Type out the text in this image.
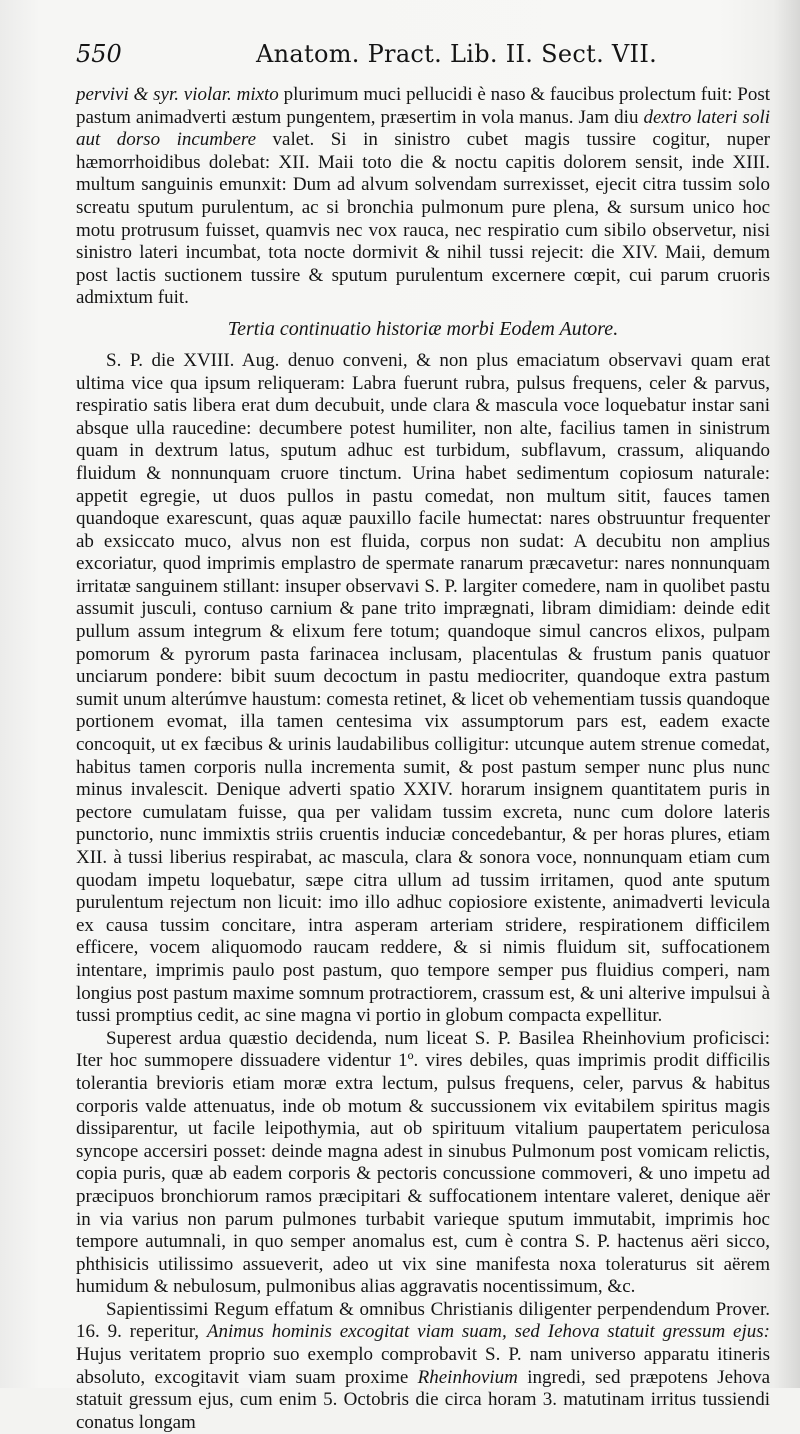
550	Anatom. Pract. Lib. II. Sect. VII.

pervivi & syr. violar. mixto plurimum muci pellucidi è naso & faucibus prolectum fuit: Post pastum animadverti æstum pungentem, præsertim in vola manus. Jam diu dextro lateri soli aut dorso incumbere valet. Si in sinistro cubet magis tussire cogitur, nuper hæmorrhoidibus dolebat: XII. Maii toto die & noctu capitis dolorem sensit, inde XIII. multum sanguinis emunxit: Dum ad alvum solvendam surrexisset, ejecit citra tussim solo screatu sputum purulentum, ac si bronchia pulmonum pure plena, & sursum unico hoc motu protrusum fuisset, quamvis nec vox rauca, nec respiratio cum sibilo observetur, nisi sinistro lateri incumbat, tota nocte dormivit & nihil tussi rejecit: die XIV. Maii, demum post lactis suctionem tussire & sputum purulentum excernere cœpit, cui parum cruoris admixtum fuit.

Tertia continuatio historiæ morbi Eodem Autore.

S. P. die XVIII. Aug. denuo conveni, & non plus emaciatum observavi quam erat ultima vice qua ipsum reliqueram: Labra fuerunt rubra, pulsus frequens, celer & parvus, respiratio satis libera erat dum decubuit, unde clara & mascula voce loquebatur instar sani absque ulla raucedine: decumbere potest humiliter, non alte, facilius tamen in sinistrum quam in dextrum latus, sputum adhuc est turbidum, subflavum, crassum, aliquando fluidum & nonnunquam cruore tinctum. Urina habet sedimentum copiosum naturale: appetit egregie, ut duos pullos in pastu comedat, non multum sitit, fauces tamen quandoque exarescunt, quas aquæ pauxillo facile humectat: nares obstruuntur frequenter ab exsiccato muco, alvus non est fluida, corpus non sudat: A decubitu non amplius excoriatur, quod imprimis emplastro de spermate ranarum præcavetur: nares nonnunquam irritatæ sanguinem stillant: insuper observavi S. P. largiter comedere, nam in quolibet pastu assumit jusculi, contuso carnium & pane trito imprægnati, libram dimidiam: deinde edit pullum assum integrum & elixum fere totum; quandoque simul cancros elixos, pulpam pomorum & pyrorum pasta farinacea inclusam, placentulas & frustum panis quatuor unciarum pondere: bibit suum decoctum in pastu mediocriter, quandoque extra pastum sumit unum alterúmve haustum: comesta retinet, & licet ob vehementiam tussis quandoque portionem evomat, illa tamen centesima vix assumptorum pars est, eadem exacte concoquit, ut ex fæcibus & urinis laudabilibus colligitur: utcunque autem strenue comedat, habitus tamen corporis nulla incrementa sumit, & post pastum semper nunc plus nunc minus invalescit. Denique adverti spatio XXIV. horarum insignem quantitatem puris in pectore cumulatam fuisse, qua per validam tussim excreta, nunc cum dolore lateris punctorio, nunc immixtis striis cruentis induciæ concedebantur, & per horas plures, etiam XII. à tussi liberius respirabat, ac mascula, clara & sonora voce, nonnunquam etiam cum quodam impetu loquebatur, sæpe citra ullum ad tussim irritamen, quod ante sputum purulentum rejectum non licuit: imo illo adhuc copiosiore existente, animadverti levicula ex causa tussim concitare, intra asperam arteriam stridere, respirationem difficilem efficere, vocem aliquomodo raucam reddere, & si nimis fluidum sit, suffocationem intentare, imprimis paulo post pastum, quo tempore semper pus fluidius comperi, nam longius post pastum maxime somnum protractiorem, crassum est, & uni alterive impulsui à tussi promptius cedit, ac sine magna vi portio in globum compacta expellitur.

Superest ardua quæstio decidenda, num liceat S. P. Basilea Rheinhovium proficisci: Iter hoc summopere dissuadere videntur 1º. vires debiles, quas imprimis prodit difficilis tolerantia brevioris etiam moræ extra lectum, pulsus frequens, celer, parvus & habitus corporis valde attenuatus, inde ob motum & succussionem vix evitabilem spiritus magis dissiparentur, ut facile leipothymia, aut ob spirituum vitalium paupertatem periculosa syncope accersiri posset: deinde magna adest in sinubus Pulmonum post vomicam relictis, copia puris, quæ ab eadem corporis & pectoris concussione commoveri, & uno impetu ad præcipuos bronchiorum ramos præcipitari & suffocationem intentare valeret, denique aër in via varius non parum pulmones turbabit varieque sputum immutabit, imprimis hoc tempore autumnali, in quo semper anomalus est, cum è contra S. P. hactenus aëri sicco, phthisicis utilissimo assueverit, adeo ut vix sine manifesta noxa toleraturus sit aërem humidum & nebulosum, pulmonibus alias aggravatis nocentissimum, &c.

Sapientissimi Regum effatum & omnibus Christianis diligenter perpendendum Prover. 16. 9. reperitur, Animus hominis excogitat viam suam, sed Iehova statuit gressum ejus: Hujus veritatem proprio suo exemplo comprobavit S. P. nam universo apparatu itineris absoluto, excogitavit viam suam proxime Rheinhovium ingredi, sed præpotens Jehova statuit gressum ejus, cum enim 5. Octobris die circa horam 3. matutinam irritus tussiendi conatus longam
